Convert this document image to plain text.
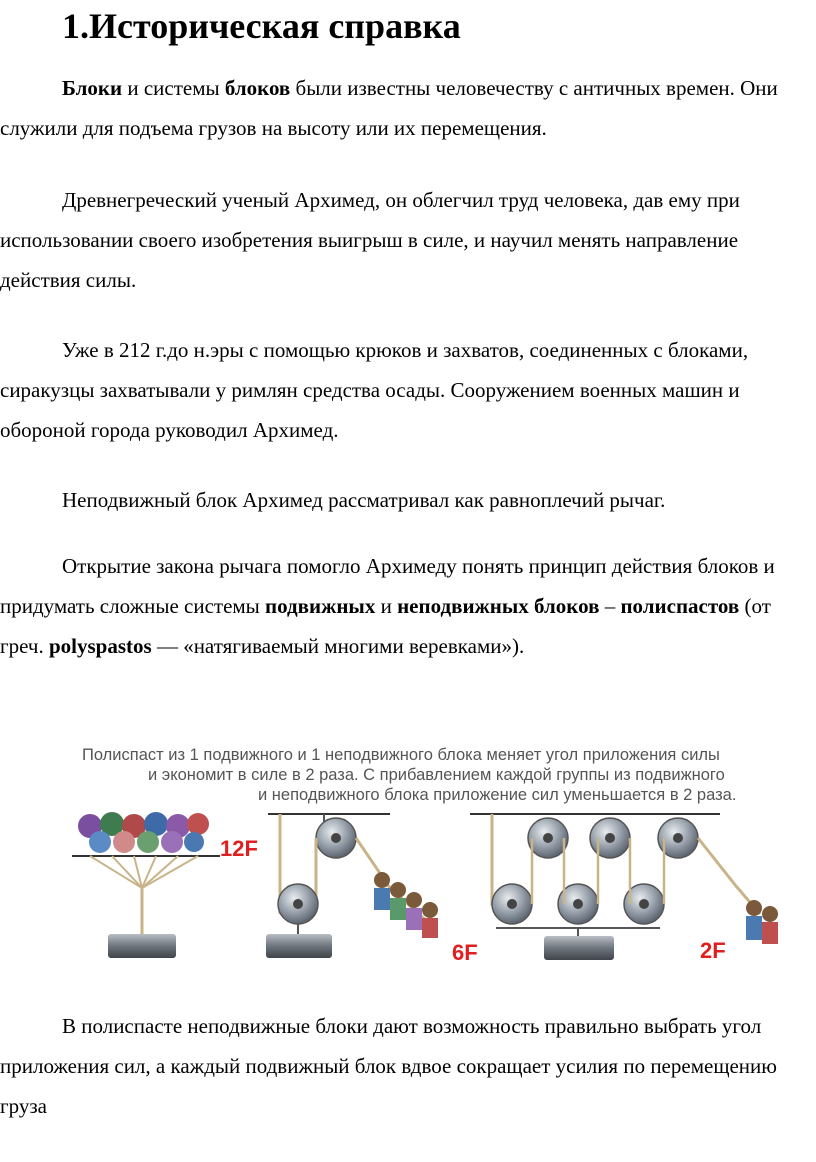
1.Историческая справка

Блоки и системы блоков были известны человечеству с античных времен. Они служили для подъема грузов на высоту или их перемещения.

Древнегреческий ученый Архимед, он облегчил труд человека, дав ему при использовании своего изобретения выигрыш в силе, и научил менять направление действия силы.

Уже в 212 г.до н.эры с помощью крюков и захватов, соединенных с блоками, сиракузцы захватывали у римлян средства осады. Сооружением военных машин и обороной города руководил Архимед.

Неподвижный блок Архимед рассматривал как равноплечий рычаг.

Открытие закона рычага помогло Архимеду понять принцип действия блоков и придумать сложные системы подвижных и неподвижных блоков – полиспастов (от греч. polyspastos — «натягиваемый многими веревками»).

Полиспаст из 1 подвижного и 1 неподвижного блока меняет угол приложения силы
и экономит в силе в 2 раза. С прибавлением каждой группы из подвижного
и неподвижного блока приложение сил уменьшается в 2 раза.
12F
6F	2F

В полиспасте неподвижные блоки дают возможность правильно выбрать угол приложения сил, а каждый подвижный блок вдвое сокращает усилия по перемещению груза
